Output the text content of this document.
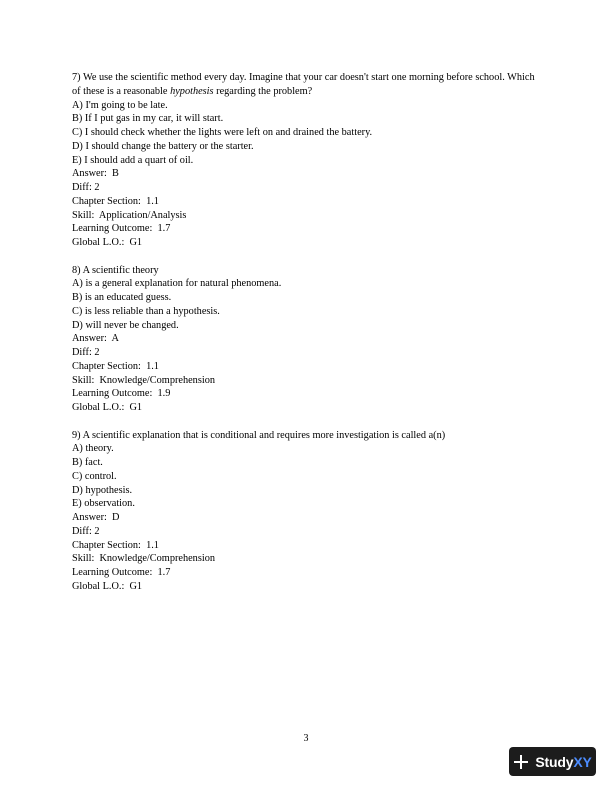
7) We use the scientific method every day. Imagine that your car doesn't start one morning before school. Which of these is a reasonable hypothesis regarding the problem?
A) I'm going to be late.
B) If I put gas in my car, it will start.
C) I should check whether the lights were left on and drained the battery.
D) I should change the battery or the starter.
E) I should add a quart of oil.
Answer:  B
Diff: 2
Chapter Section:  1.1
Skill:  Application/Analysis
Learning Outcome:  1.7
Global L.O.:  G1
8) A scientific theory
A) is a general explanation for natural phenomena.
B) is an educated guess.
C) is less reliable than a hypothesis.
D) will never be changed.
Answer:  A
Diff: 2
Chapter Section:  1.1
Skill:  Knowledge/Comprehension
Learning Outcome:  1.9
Global L.O.:  G1
9) A scientific explanation that is conditional and requires more investigation is called a(n)
A) theory.
B) fact.
C) control.
D) hypothesis.
E) observation.
Answer:  D
Diff: 2
Chapter Section:  1.1
Skill:  Knowledge/Comprehension
Learning Outcome:  1.7
Global L.O.:  G1
3
StudyXY
